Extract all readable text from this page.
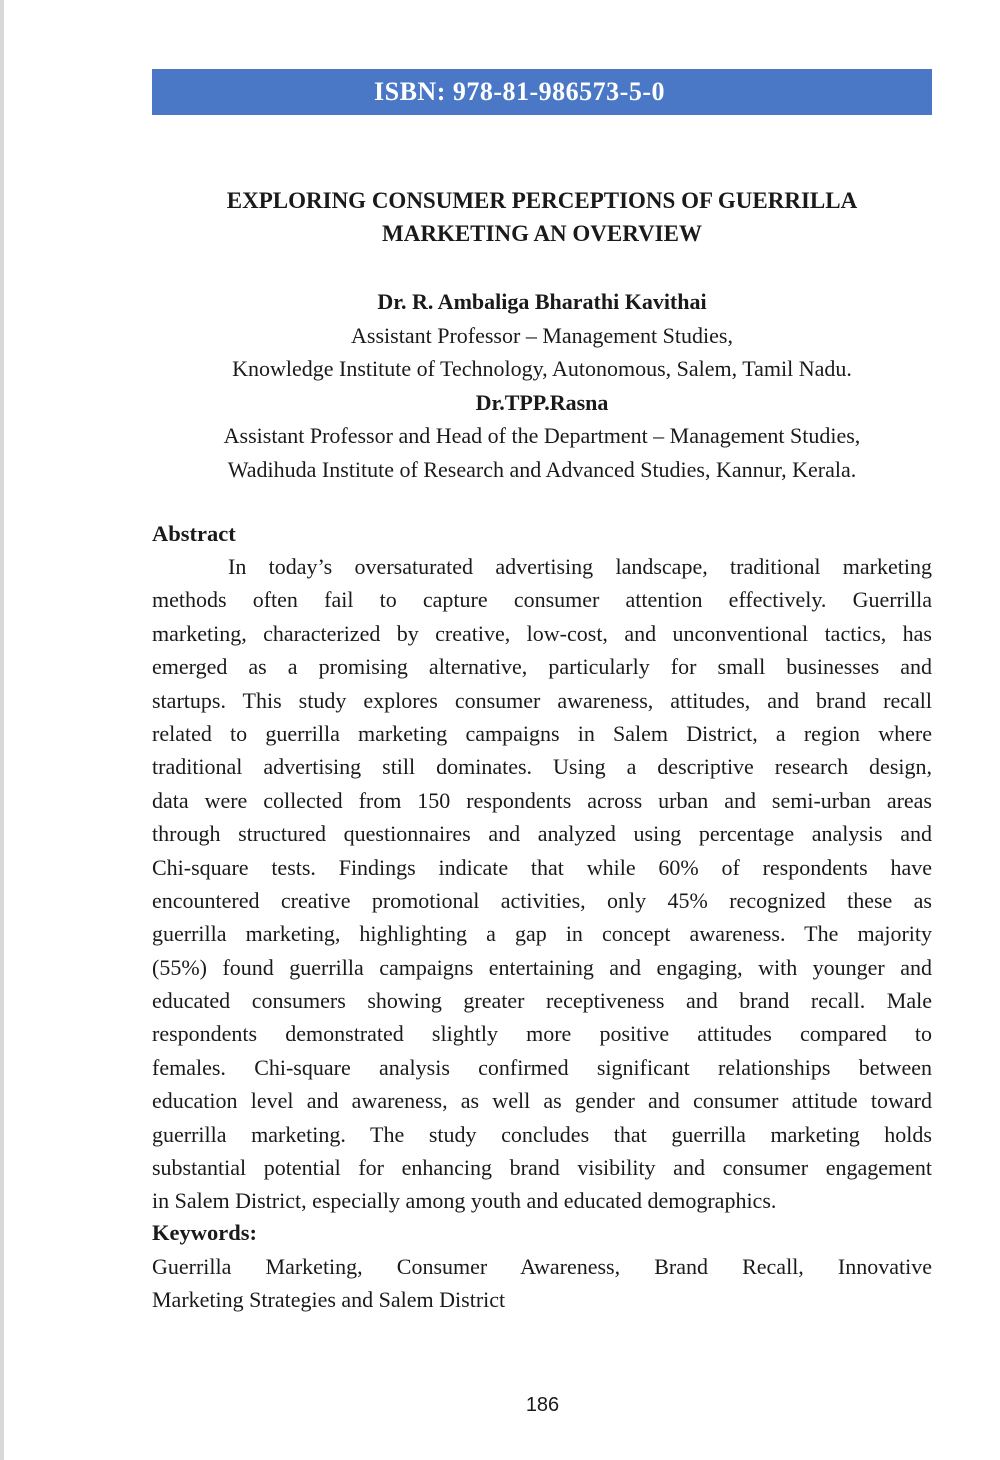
ISBN: 978-81-986573-5-0
EXPLORING CONSUMER PERCEPTIONS OF GUERRILLA
MARKETING AN OVERVIEW
Dr. R. Ambaliga Bharathi Kavithai
Assistant Professor – Management Studies,
Knowledge Institute of Technology, Autonomous, Salem, Tamil Nadu.
Dr.TPP.Rasna
Assistant Professor and Head of the Department – Management Studies,
Wadihuda Institute of Research and Advanced Studies, Kannur, Kerala.
Abstract
In today’s oversaturated advertising landscape, traditional marketing
methods often fail to capture consumer attention effectively. Guerrilla
marketing, characterized by creative, low-cost, and unconventional tactics, has
emerged as a promising alternative, particularly for small businesses and
startups. This study explores consumer awareness, attitudes, and brand recall
related to guerrilla marketing campaigns in Salem District, a region where
traditional advertising still dominates. Using a descriptive research design,
data were collected from 150 respondents across urban and semi-urban areas
through structured questionnaires and analyzed using percentage analysis and
Chi-square tests. Findings indicate that while 60% of respondents have
encountered creative promotional activities, only 45% recognized these as
guerrilla marketing, highlighting a gap in concept awareness. The majority
(55%) found guerrilla campaigns entertaining and engaging, with younger and
educated consumers showing greater receptiveness and brand recall. Male
respondents demonstrated slightly more positive attitudes compared to
females. Chi-square analysis confirmed significant relationships between
education level and awareness, as well as gender and consumer attitude toward
guerrilla marketing. The study concludes that guerrilla marketing holds
substantial potential for enhancing brand visibility and consumer engagement
in Salem District, especially among youth and educated demographics.
Keywords:
Guerrilla Marketing, Consumer Awareness, Brand Recall, Innovative
Marketing Strategies and Salem District
186
